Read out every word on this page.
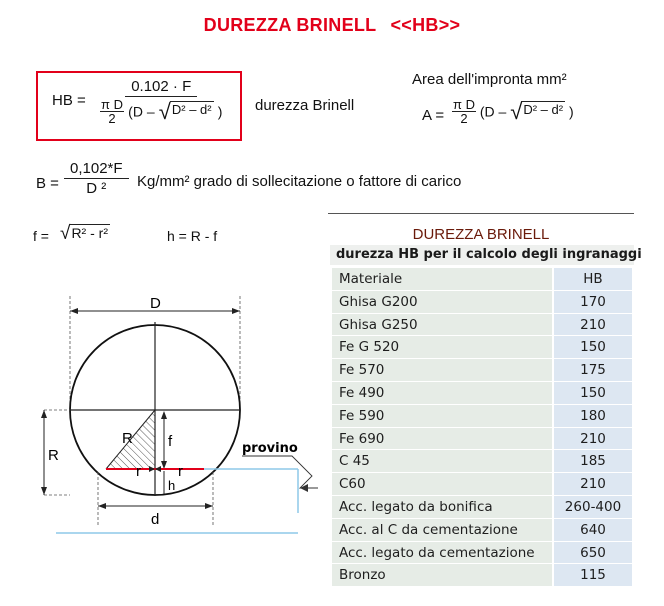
DUREZZA BRINELL <<HB>>
HB = $\frac{0.102 \cdot F}{\frac{\text{π D}}{2} (D - √ D^2 - d^2 )}$ durezza Brinell
Area dell'impronta mm²
$A = \frac{\text{π D}}{2} (D$ – √ D² – d² )
$B = \frac{0,102*F}{\text{D ²}} Kg/mm^2$ grado di sollecitazione o fattore di carico
f = √ R² - r²	h = R - f
D
R
R f
r r
h
d
provino
DUREZZA BRINELL
durezza HB per il calcolo degli ingranaggi
Materiale	HB
Ghisa G200	170
Ghisa G250	210
Fe G 520	150
Fe 570	175
Fe 490	150
Fe 590	180
Fe 690	210
C 45	185
C60	210
Acc. legato da bonifica	260-400
Acc. al C da cementazione	640
Acc. legato da cementazione	650
Bronzo	115
